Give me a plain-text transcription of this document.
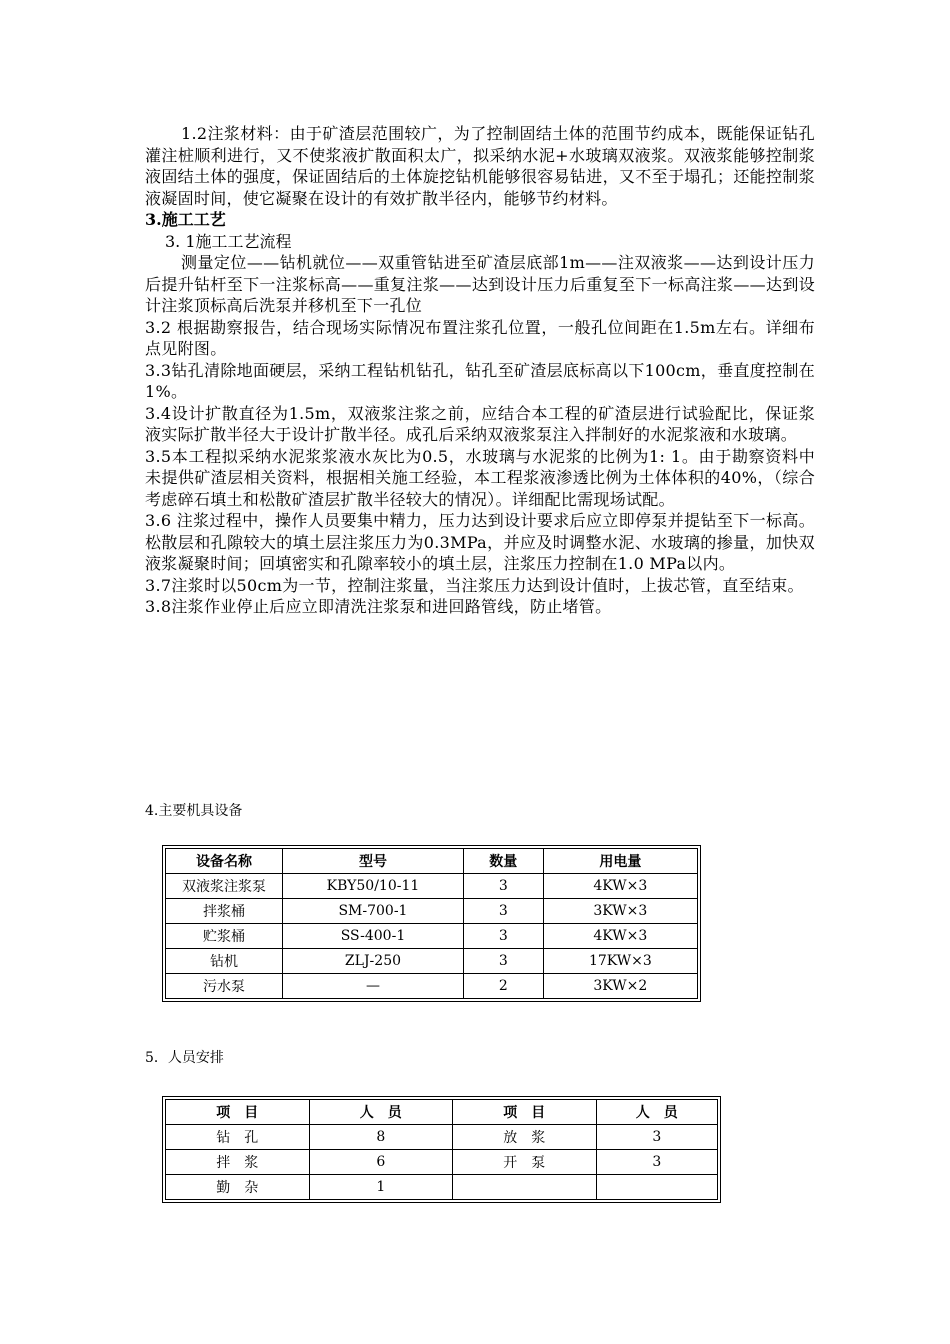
1.2注浆材料：由于矿渣层范围较广，为了控制固结土体的范围节约成本，既能保证钻孔灌注桩顺利进行，又不使浆液扩散面积太广，拟采纳水泥+水玻璃双液浆。双液浆能够控制浆液固结土体的强度，保证固结后的土体旋挖钻机能够很容易钻进，又不至于塌孔；还能控制浆液凝固时间，使它凝聚在设计的有效扩散半径内，能够节约材料。

3.施工工艺

3. 1施工工艺流程

测量定位——钻机就位——双重管钻进至矿渣层底部1m——注双液浆——达到设计压力后提升钻杆至下一注浆标高——重复注浆——达到设计压力后重复至下一标高注浆——达到设计注浆顶标高后洗泵并移机至下一孔位

3.2 根据勘察报告，结合现场实际情况布置注浆孔位置，一般孔位间距在1.5m左右。详细布点见附图。

3.3钻孔清除地面硬层，采纳工程钻机钻孔，钻孔至矿渣层底标高以下100cm，垂直度控制在1%。

3.4设计扩散直径为1.5m，双液浆注浆之前，应结合本工程的矿渣层进行试验配比，保证浆液实际扩散半径大于设计扩散半径。成孔后采纳双液浆泵注入拌制好的水泥浆液和水玻璃。

3.5本工程拟采纳水泥浆浆液水灰比为0.5，水玻璃与水泥浆的比例为1: 1。由于勘察资料中未提供矿渣层相关资料，根据相关施工经验，本工程浆液渗透比例为土体体积的40%，（综合考虑碎石填土和松散矿渣层扩散半径较大的情况）。详细配比需现场试配。

3.6 注浆过程中，操作人员要集中精力，压力达到设计要求后应立即停泵并提钻至下一标高。松散层和孔隙较大的填土层注浆压力为0.3MPa，并应及时调整水泥、水玻璃的掺量，加快双液浆凝聚时间；回填密实和孔隙率较小的填土层，注浆压力控制在1.0 MPa以内。

3.7注浆时以50cm为一节，控制注浆量，当注浆压力达到设计值时，上拔芯管，直至结束。

3.8注浆作业停止后应立即清洗注浆泵和进回路管线，防止堵管。

4.主要机具设备

设备名称	型号	数量	用电量
双液浆注浆泵	KBY50/10-11	3	4KW×3
拌浆桶	SM-700-1	3	3KW×3
贮浆桶	SS-400-1	3	4KW×3
钻机	ZLJ-250	3	17KW×3
污水泵	—	2	3KW×2

5．人员安排

项　目	人　员	项　目	人　员
钻　孔	8	放　浆	3
拌　浆	6	开　泵	3
勤　杂	1		
